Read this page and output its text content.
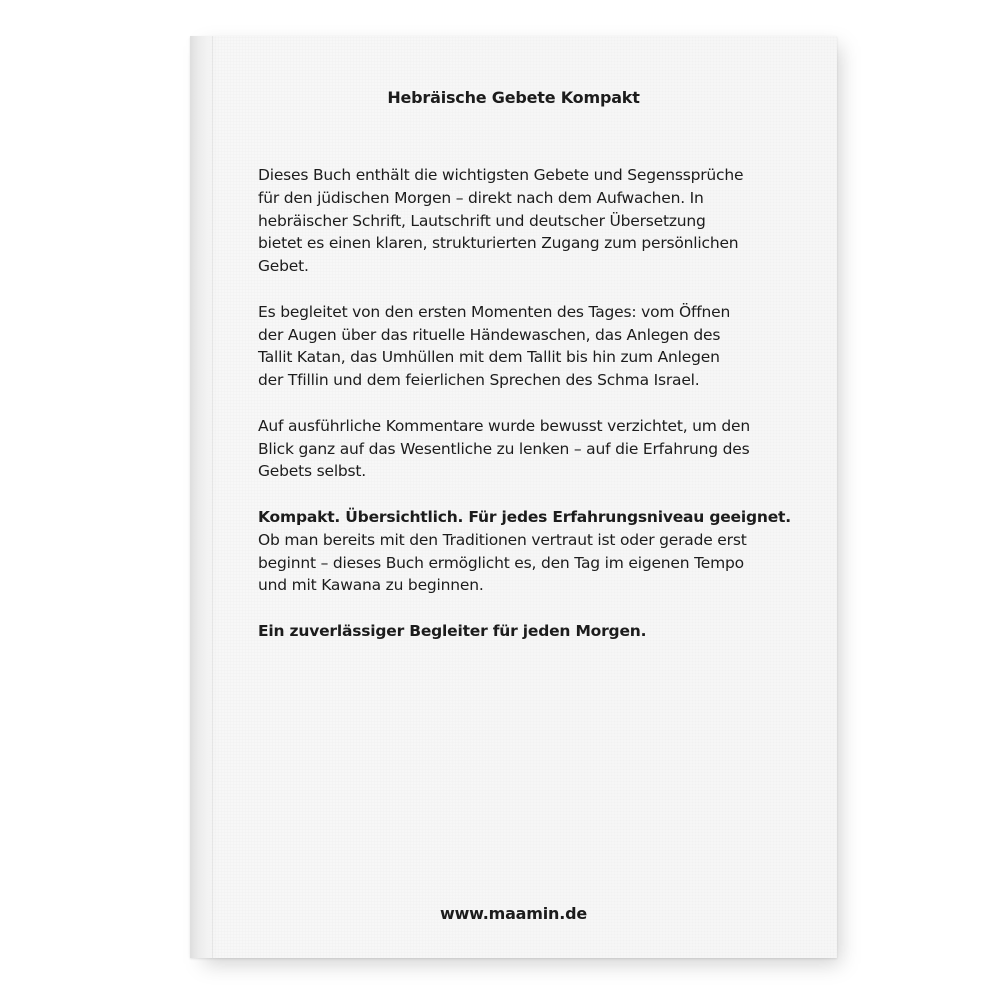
Hebräische Gebete Kompakt

Dieses Buch enthält die wichtigsten Gebete und Segenssprüche
für den jüdischen Morgen – direkt nach dem Aufwachen. In
hebräischer Schrift, Lautschrift und deutscher Übersetzung
bietet es einen klaren, strukturierten Zugang zum persönlichen
Gebet.

Es begleitet von den ersten Momenten des Tages: vom Öffnen
der Augen über das rituelle Händewaschen, das Anlegen des
Tallit Katan, das Umhüllen mit dem Tallit bis hin zum Anlegen
der Tfillin und dem feierlichen Sprechen des Schma Israel.

Auf ausführliche Kommentare wurde bewusst verzichtet, um den
Blick ganz auf das Wesentliche zu lenken – auf die Erfahrung des
Gebets selbst.

Kompakt. Übersichtlich. Für jedes Erfahrungsniveau geeignet.
Ob man bereits mit den Traditionen vertraut ist oder gerade erst
beginnt – dieses Buch ermöglicht es, den Tag im eigenen Tempo
und mit Kawana zu beginnen.

Ein zuverlässiger Begleiter für jeden Morgen.

www.maamin.de
